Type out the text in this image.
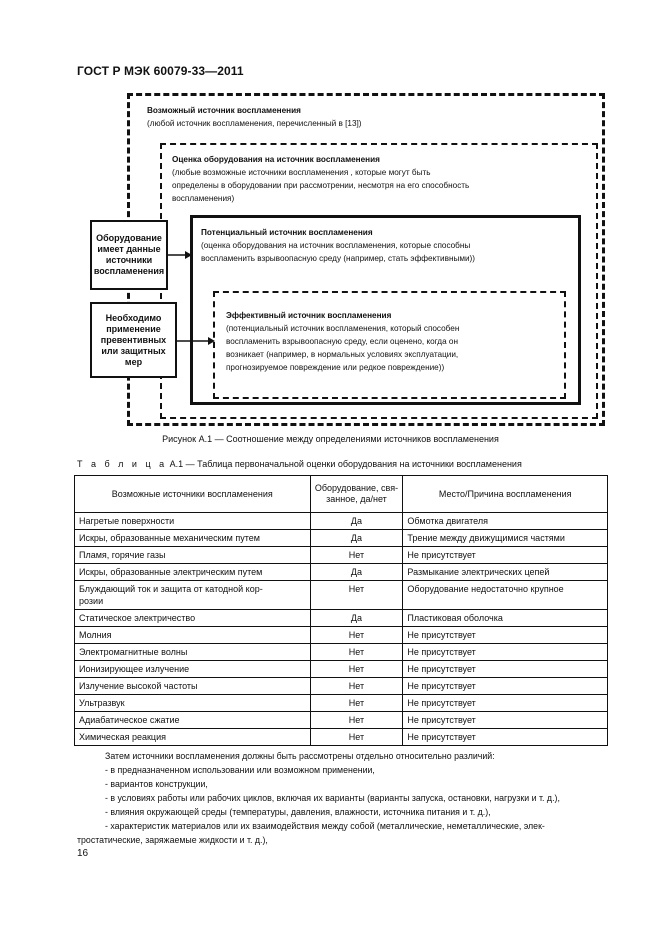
ГОСТ Р МЭК 60079-33—2011
Возможный источник воспламенения
(любой источник воспламенения, перечисленный в [13])
Оценка оборудования на источник воспламенения
(любые возможные источники воспламенения , которые могут быть
определены в оборудовании при рассмотрении, несмотря на его способность
воспламенения)
Потенциальный источник воспламенения
(оценка оборудования на источник воспламенения, которые способны
воспламенить взрывоопасную среду (например, стать эффективными))
Эффективный источник воспламенения
(потенциальный источник воспламенения, который способен
воспламенить взрывоопасную среду, если оценено, когда он
возникает (например, в нормальных условиях эксплуатации,
прогнозируемое повреждение или редкое повреждение))
Оборудование
имеет данные
источники
воспламенения
Необходимо
применение
превентивных
или защитных
мер
Рисунок А.1 — Соотношение между определениями источников воспламенения
Т а б л и ц а А.1 — Таблица первоначальной оценки оборудования на источники воспламенения
Возможные источники воспламенения	Оборудование, свя-
занное, да/нет	Место/Причина воспламенения
Нагретые поверхности	Да	Обмотка двигателя
Искры, образованные механическим путем	Да	Трение между движущимися частями
Пламя, горячие газы	Нет	Не присутствует
Искры, образованные электрическим путем	Да	Размыкание электрических цепей
Блуждающий ток и защита от катодной кор-
розии	Нет	Оборудование недостаточно крупное
Статическое электричество	Да	Пластиковая оболочка
Молния	Нет	Не присутствует
Электромагнитные волны	Нет	Не присутствует
Ионизирующее излучение	Нет	Не присутствует
Излучение высокой частоты	Нет	Не присутствует
Ультразвук	Нет	Не присутствует
Адиабатическое сжатие	Нет	Не присутствует
Химическая реакция	Нет	Не присутствует

Затем источники воспламенения должны быть рассмотрены отдельно относительно различий:

- в предназначенном использовании или возможном применении,

- вариантов конструкции,

- в условиях работы или рабочих циклов, включая их варианты (варианты запуска, остановки, нагрузки и т. д.),

- влияния окружающей среды (температуры, давления, влажности, источника питания и т. д.),

- характеристик материалов или их взаимодействия между собой (металлические, неметаллические, элек-
тростатические, заряжаемые жидкости и т. д.),

16
